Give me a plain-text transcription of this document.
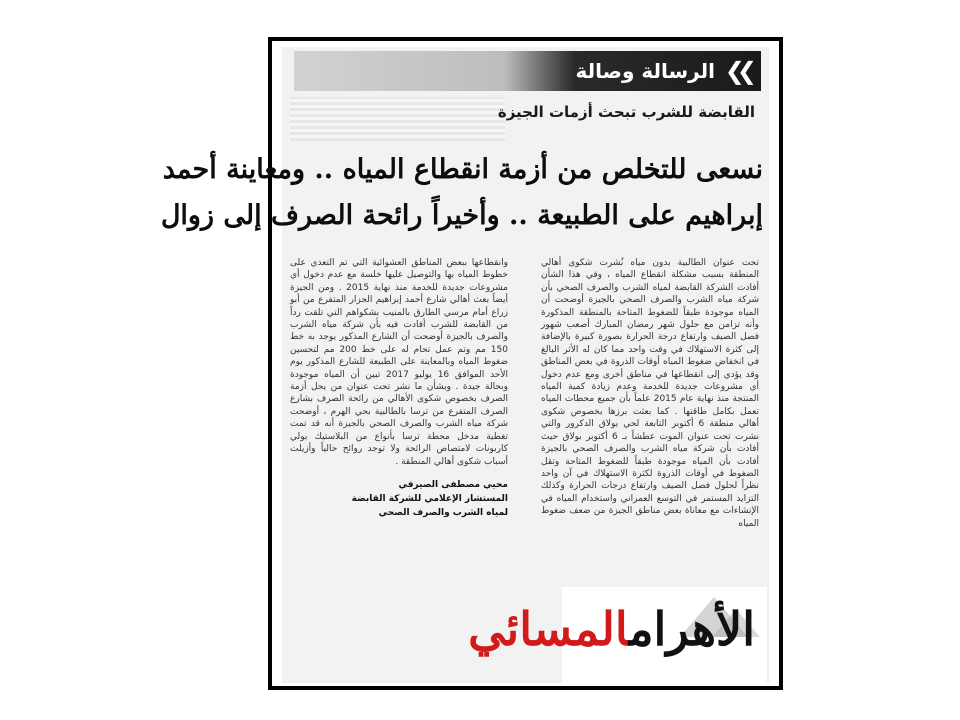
الرسالة وصالة ❮❮
القابضة للشرب تبحث أزمات الجيزة
نسعى للتخلص من أزمة انقطاع المياه .. ومعاينة أحمد
إبراهيم على الطبيعة .. وأخيراً رائحة الصرف إلى زوال

تحت عنوان الطالبية بدون مياه نُشرت شكوى أهالي المنطقة بسبب مشكلة انقطاع المياه ، وفي هذا الشأن أفادت الشركة القابضة لمياه الشرب والصرف الصحي بأن شركة مياه الشرب والصرف الصحي بالجيزة أوضحت أن المياه موجودة طبقاً للضغوط المتاحة بالمنطقة المذكورة وأنه تزامن مع حلول شهر رمضان المبارك أصعب شهور فصل الصيف وارتفاع درجة الحرارة بصورة كبيرة بالإضافة إلى كثرة الاستهلاك في وقت واحد مما كان له الأثر البالغ في انخفاض ضغوط المياه أوقات الذروة في بعض المناطق وقد يؤدي إلى انقطاعها في مناطق أخرى ومع عدم دخول أي مشروعات جديدة للخدمة وعدم زيادة كمية المياه المنتجة منذ نهاية عام 2015 علماً بأن جميع محطات المياه تعمل بكامل طاقتها . كما بعثت برزها بخصوص شكوى أهالي منطقة 6 أكتوبر التابعة لحي بولاق الدكرور والتي نشرت تحت عنوان الموت عطشاً بـ 6 أكتوبر بولاق حيث أفادت بأن شركة مياه الشرب والصرف الصحي بالجيزة أفادت بأن المياه موجودة طبقاً للضغوط المتاحة وتقل الضغوط في أوقات الذروة لكثرة الاستهلاك في آن واحد نظراً لحلول فصل الصيف وارتفاع درجات الحرارة وكذلك التزايد المستمر في التوسع العمراني واستخدام المياه في الإنشاءات مع معاناة بعض مناطق الجيزة من ضعف ضغوط المياه

وانقطاعها ببعض المناطق العشوائية التي تم التعدي على خطوط المياه بها والتوصيل عليها خلسة مع عدم دخول أي مشروعات جديدة للخدمة منذ نهاية 2015 . ومن الجيزة أيضاً بعث أهالي شارع أحمد إبراهيم الجزار المتفرع من أبو زراع أمام مرسي الطارق بالمنيب بشكواهم التي تلقت رداً من القابضة للشرب أفادت فيه بأن شركة مياه الشرب والصرف بالجيزة أوضحت أن الشارع المذكور يوجد به خط 150 مم وتم عمل تحام له على خط 200 مم لتحسين ضغوط المياه وبالمعاينة على الطبيعة للشارع المذكور يوم الأحد الموافق 16 يوليو 2017 تبين أن المياه موجودة وبحالة جيدة . وبشأن ما نشر تحت عنوان من يحل أزمة الصرف بخصوص شكوى الأهالي من رائحة الصرف بشارع الصرف المتفرع من ترسا بالطالبية بحي الهرم ، أوضحت شركة مياه الشرب والصرف الصحي بالجيزة أنه قد تمت تغطية مدخل محطة ترسا بأنواع من البلاستيك بولي كاربونات لامتصاص الرائحة ولا توجد روائح حالياً وأزيلت أسباب شكوى أهالي المنطقة .

محيي مصطفى الصيرفي
المستشار الإعلامي للشركة القابضة
لمياه الشرب والصرف الصحي
الأهرامالمسائي
